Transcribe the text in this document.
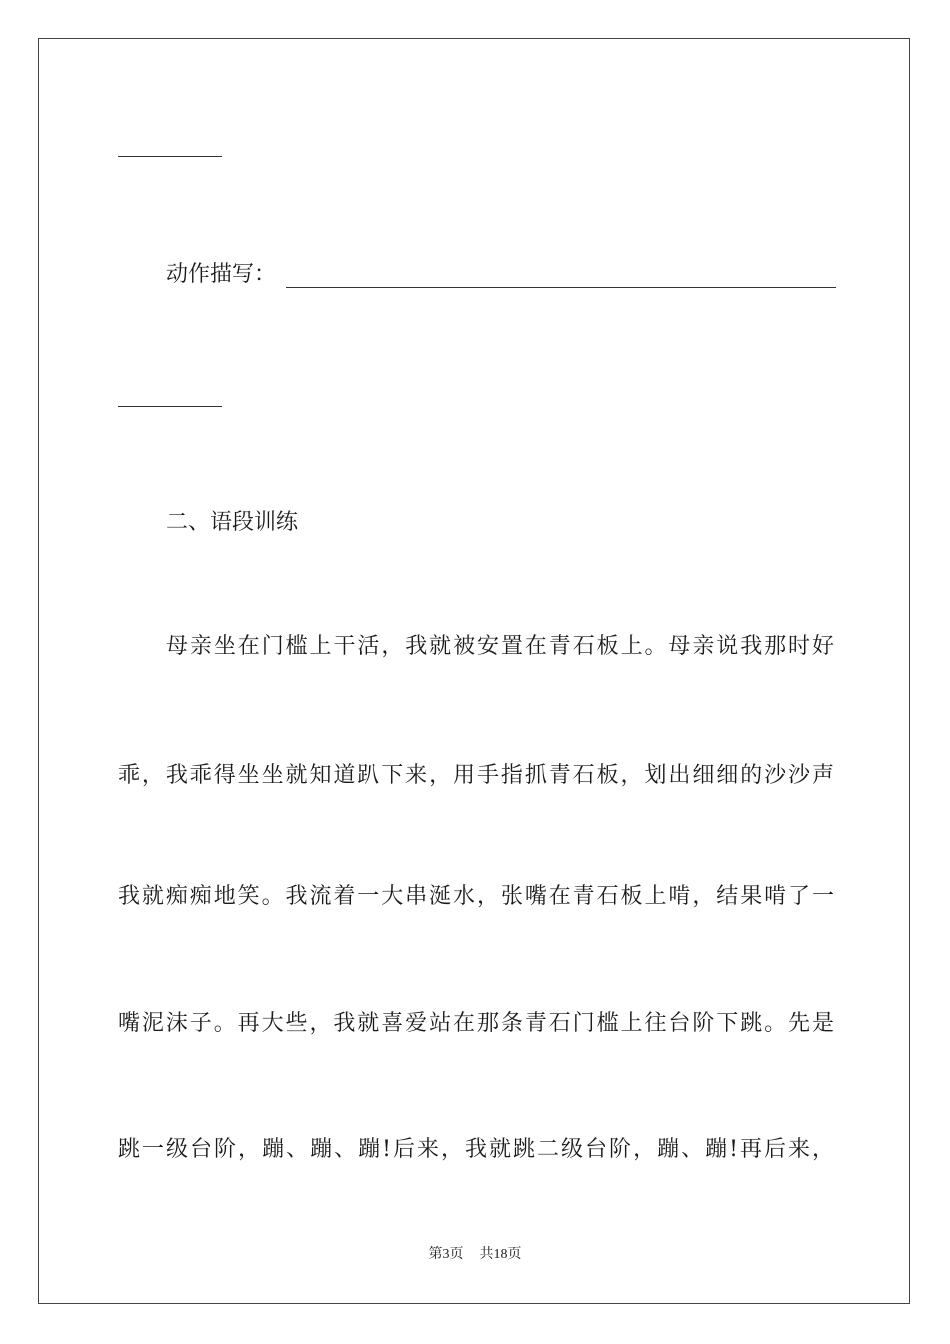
动作描写：
二、语段训练
母亲坐在门槛上干活，我就被安置在青石板上。母亲说我那时好
乖，我乖得坐坐就知道趴下来，用手指抓青石板，划出细细的沙沙声
我就痴痴地笑。我流着一大串涎水，张嘴在青石板上啃，结果啃了一
嘴泥沫子。再大些，我就喜爱站在那条青石门槛上往台阶下跳。先是
跳一级台阶，蹦、蹦、蹦!后来，我就跳二级台阶，蹦、蹦!再后来，
第3页 共18页
